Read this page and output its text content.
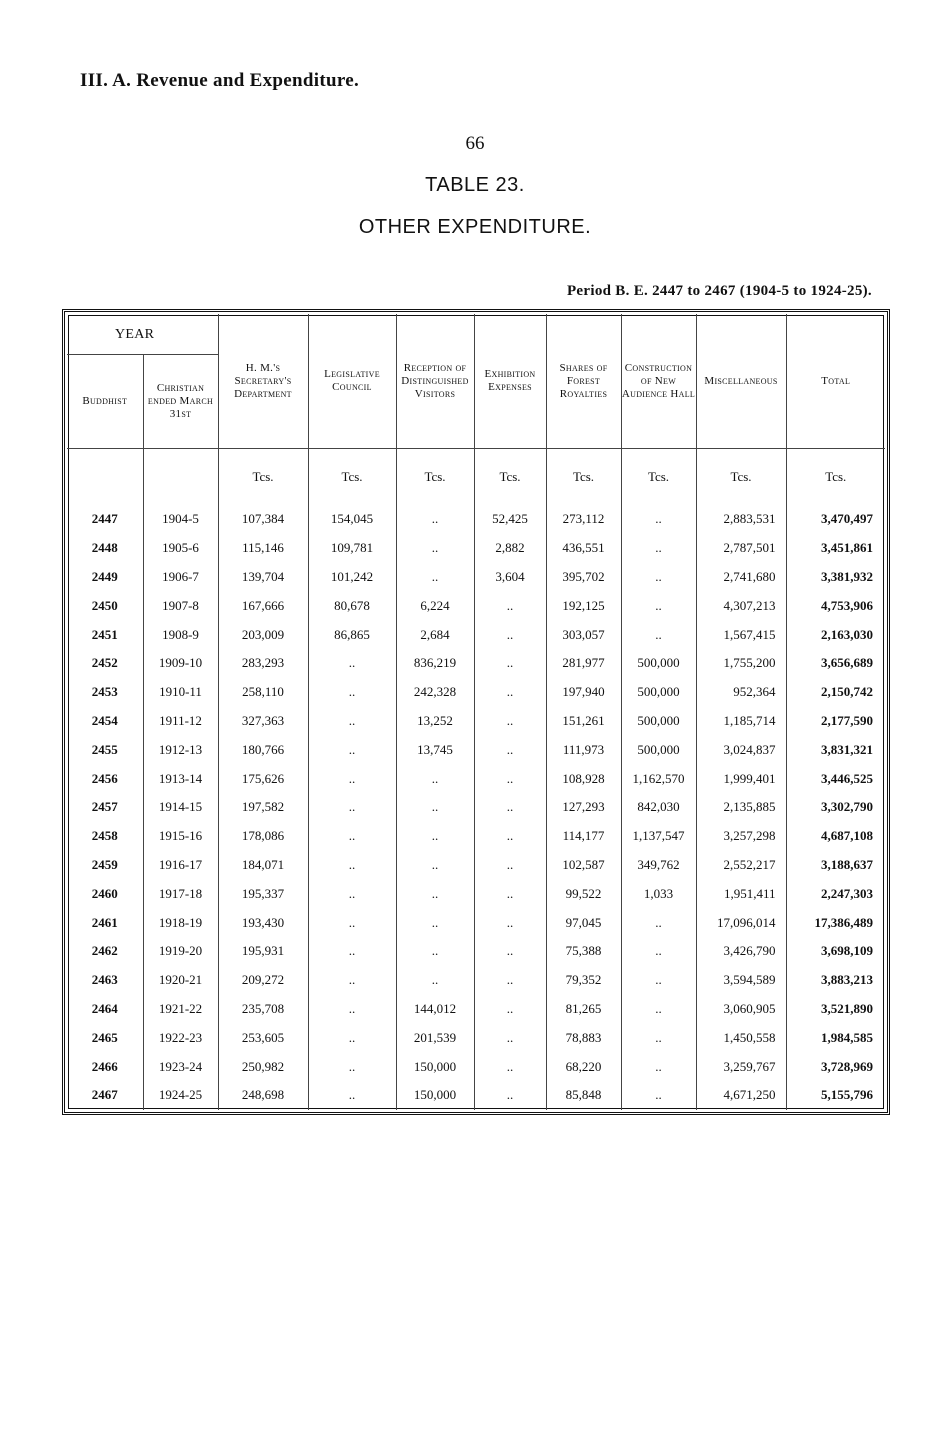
III. A. Revenue and Expenditure.
66
TABLE 23.
OTHER EXPENDITURE.
Period B. E. 2447 to 2467 (1904-5 to 1924-25).
YEAR		H. M.'s Secretary's Department	Legislative Council	Reception of Distinguished Visitors	Exhibition Expenses	Shares of Forest Royalties	Construction of New Audience Hall	Miscellaneous	Total
Buddhist	Christian ended March 31st								
		Tcs.	Tcs.	Tcs.	Tcs.	Tcs.	Tcs.	Tcs.	Tcs.
2447	1904-5	107,384	154,045	..	52,425	273,112	..	2,883,531	3,470,497
2448	1905-6	115,146	109,781	..	2,882	436,551	..	2,787,501	3,451,861
2449	1906-7	139,704	101,242	..	3,604	395,702	..	2,741,680	3,381,932
2450	1907-8	167,666	80,678	6,224	..	192,125	..	4,307,213	4,753,906
2451	1908-9	203,009	86,865	2,684	..	303,057	..	1,567,415	2,163,030
2452	1909-10	283,293	..	836,219	..	281,977	500,000	1,755,200	3,656,689
2453	1910-11	258,110	..	242,328	..	197,940	500,000	952,364	2,150,742
2454	1911-12	327,363	..	13,252	..	151,261	500,000	1,185,714	2,177,590
2455	1912-13	180,766	..	13,745	..	111,973	500,000	3,024,837	3,831,321
2456	1913-14	175,626	..	..	..	108,928	1,162,570	1,999,401	3,446,525
2457	1914-15	197,582	..	..	..	127,293	842,030	2,135,885	3,302,790
2458	1915-16	178,086	..	..	..	114,177	1,137,547	3,257,298	4,687,108
2459	1916-17	184,071	..	..	..	102,587	349,762	2,552,217	3,188,637
2460	1917-18	195,337	..	..	..	99,522	1,033	1,951,411	2,247,303
2461	1918-19	193,430	..	..	..	97,045	..	17,096,014	17,386,489
2462	1919-20	195,931	..	..	..	75,388	..	3,426,790	3,698,109
2463	1920-21	209,272	..	..	..	79,352	..	3,594,589	3,883,213
2464	1921-22	235,708	..	144,012	..	81,265	..	3,060,905	3,521,890
2465	1922-23	253,605	..	201,539	..	78,883	..	1,450,558	1,984,585
2466	1923-24	250,982	..	150,000	..	68,220	..	3,259,767	3,728,969
2467	1924-25	248,698	..	150,000	..	85,848	..	4,671,250	5,155,796
